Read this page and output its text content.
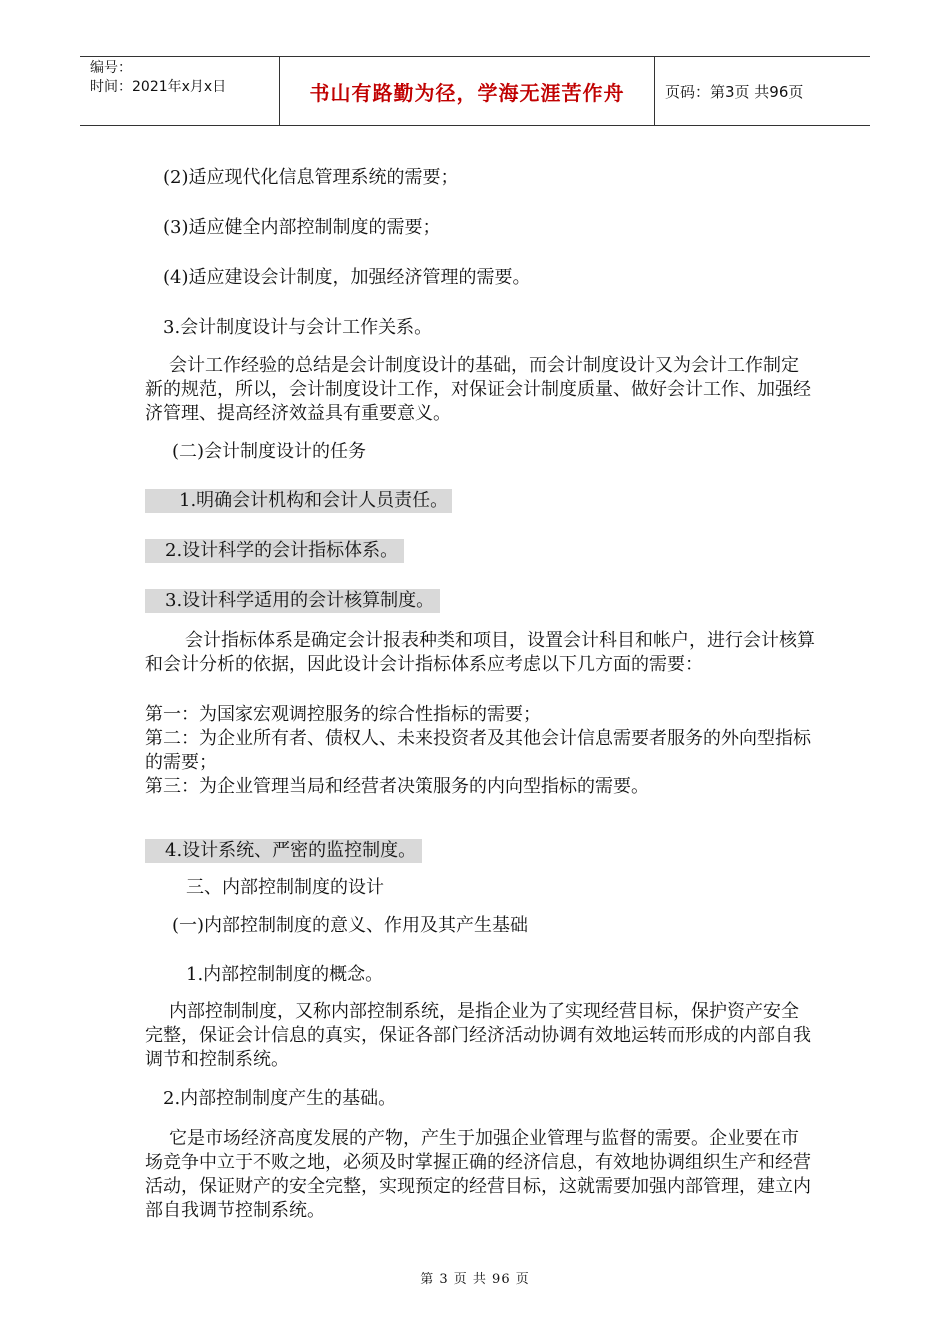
编号：
时间：2021年x月x日	书山有路勤为径，学海无涯苦作舟	页码：第3页 共96页
(2)适应现代化信息管理系统的需要；
(3)适应健全内部控制制度的需要；
(4)适应建设会计制度，加强经济管理的需要。
3.会计制度设计与会计工作关系。
会计工作经验的总结是会计制度设计的基础，而会计制度设计又为会计工作制定新的规范，所以，会计制度设计工作，对保证会计制度质量、做好会计工作、加强经济管理、提高经济效益具有重要意义。
(二)会计制度设计的任务
1.明确会计机构和会计人员责任。
2.设计科学的会计指标体系。
3.设计科学适用的会计核算制度。
会计指标体系是确定会计报表种类和项目，设置会计科目和帐户，进行会计核算和会计分析的依据，因此设计会计指标体系应考虑以下几方面的需要：
第一：为国家宏观调控服务的综合性指标的需要；
第二：为企业所有者、债权人、未来投资者及其他会计信息需要者服务的外向型指标的需要；
第三：为企业管理当局和经营者决策服务的内向型指标的需要。
4.设计系统、严密的监控制度。
三、内部控制制度的设计
(一)内部控制制度的意义、作用及其产生基础
1.内部控制制度的概念。
内部控制制度，又称内部控制系统，是指企业为了实现经营目标，保护资产安全完整，保证会计信息的真实，保证各部门经济活动协调有效地运转而形成的内部自我调节和控制系统。
2.内部控制制度产生的基础。
它是市场经济高度发展的产物，产生于加强企业管理与监督的需要。企业要在市场竞争中立于不败之地，必须及时掌握正确的经济信息，有效地协调组织生产和经营活动，保证财产的安全完整，实现预定的经营目标，这就需要加强内部管理，建立内部自我调节控制系统。
第 3 页 共 96 页
